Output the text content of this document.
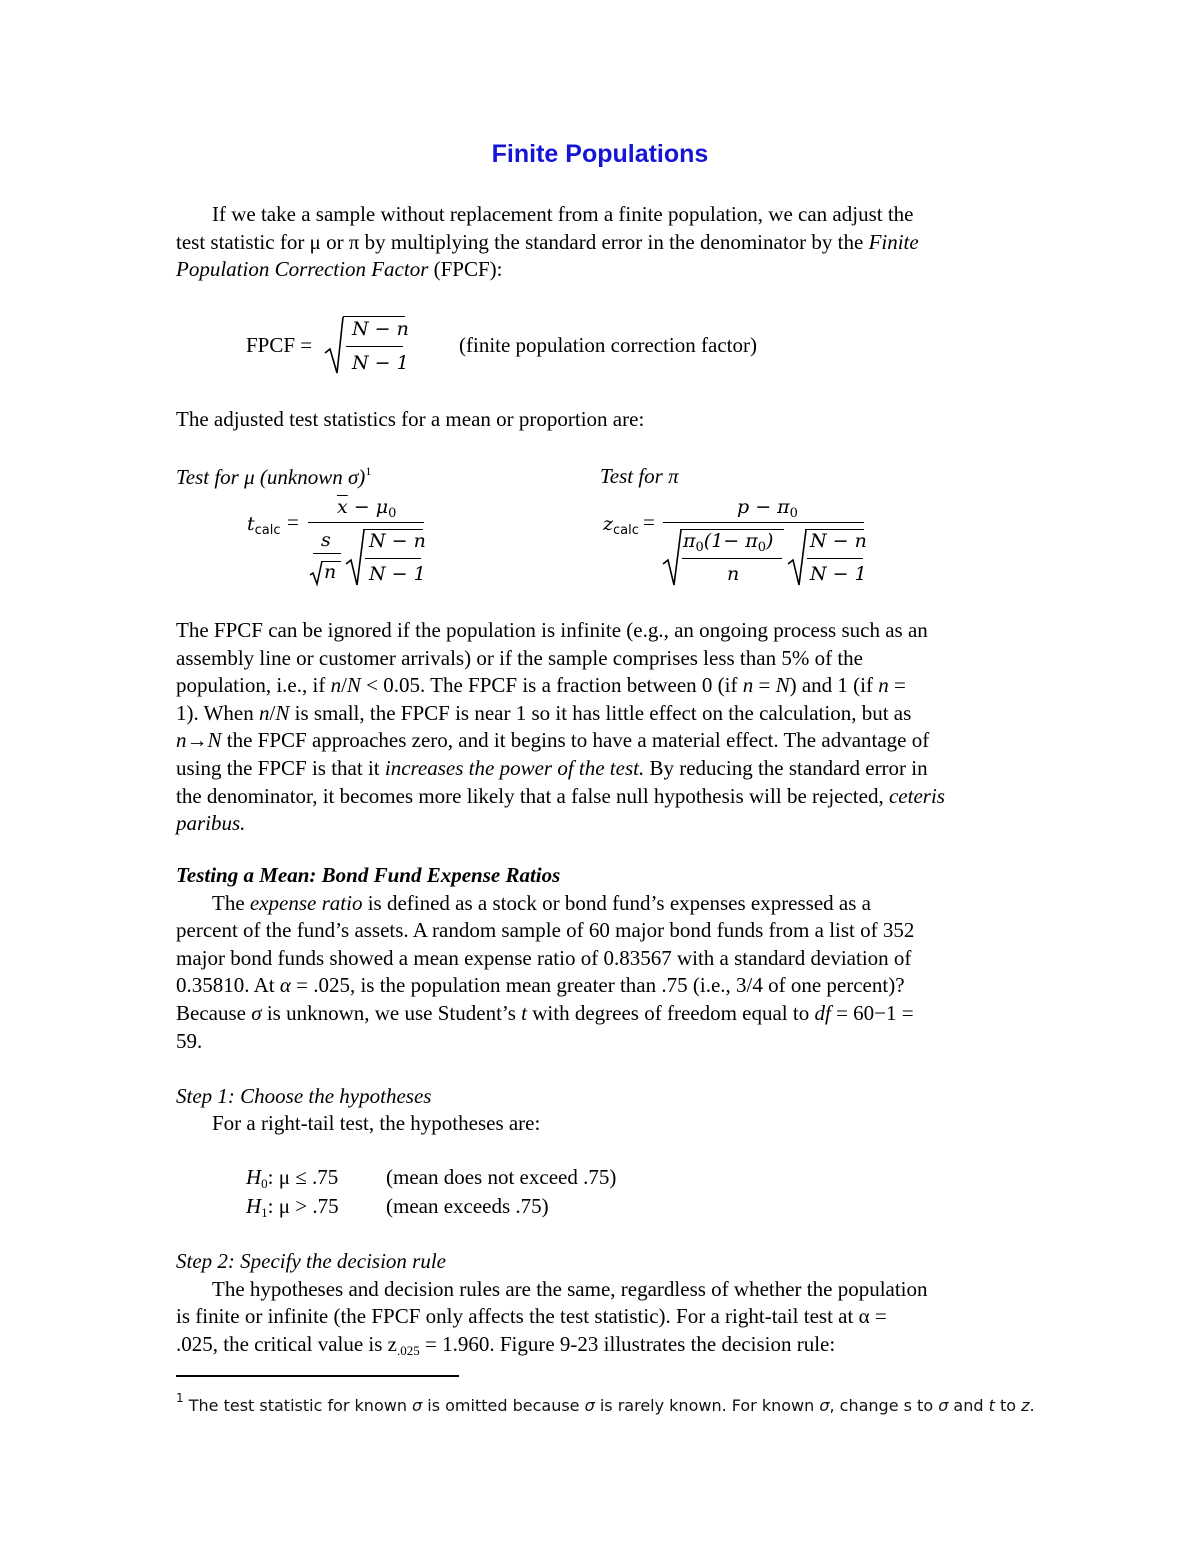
Finite Populations

If we take a sample without replacement from a finite population, we can adjust the

test statistic for μ or π by multiplying the standard error in the denominator by the Finite

Population Correction Factor (FPCF):

FPCF =
N − n
N − 1
(finite population correction factor)
The adjusted test statistics for a mean or proportion are:
Test for μ (unknown σ)$^1$
$t_{calc}$ =
$\overline{x} - \mu_0$
s
n
N − n
N − 1
Test for π
$z_{calc}$ =
$p - \pi_0$
$\pi_0(1- \pi_0)$
n
N − n
N − 1

The FPCF can be ignored if the population is infinite (e.g., an ongoing process such as an

assembly line or customer arrivals) or if the sample comprises less than 5% of the

population, i.e., if n/N < 0.05. The FPCF is a fraction between 0 (if n = N) and 1 (if n =

1). When n/N is small, the FPCF is near 1 so it has little effect on the calculation, but as

n→N the FPCF approaches zero, and it begins to have a material effect. The advantage of

using the FPCF is that it increases the power of the test. By reducing the standard error in

the denominator, it becomes more likely that a false null hypothesis will be rejected, ceteris

paribus.

Testing a Mean: Bond Fund Expense Ratios

The expense ratio is defined as a stock or bond fund’s expenses expressed as a

percent of the fund’s assets. A random sample of 60 major bond funds from a list of 352

major bond funds showed a mean expense ratio of 0.83567 with a standard deviation of

0.35810. At α = .025, is the population mean greater than .75 (i.e., 3/4 of one percent)?

Because σ is unknown, we use Student’s t with degrees of freedom equal to df = 60−1 =

59.

Step 1: Choose the hypotheses
For a right-tail test, the hypotheses are:
$H_0$: μ ≤ .75 (mean does not exceed .75)
$H_1$: μ > .75 (mean exceeds .75)

Step 2: Specify the decision rule

The hypotheses and decision rules are the same, regardless of whether the population

is finite or infinite (the FPCF only affects the test statistic). For a right-tail test at α =

.025, the critical value is $z_{.025} = 1.960$. Figure 9-23 illustrates the decision rule:

$^1$ The test statistic for known σ is omitted because σ is rarely known. For known σ, change s to σ and t to z.
